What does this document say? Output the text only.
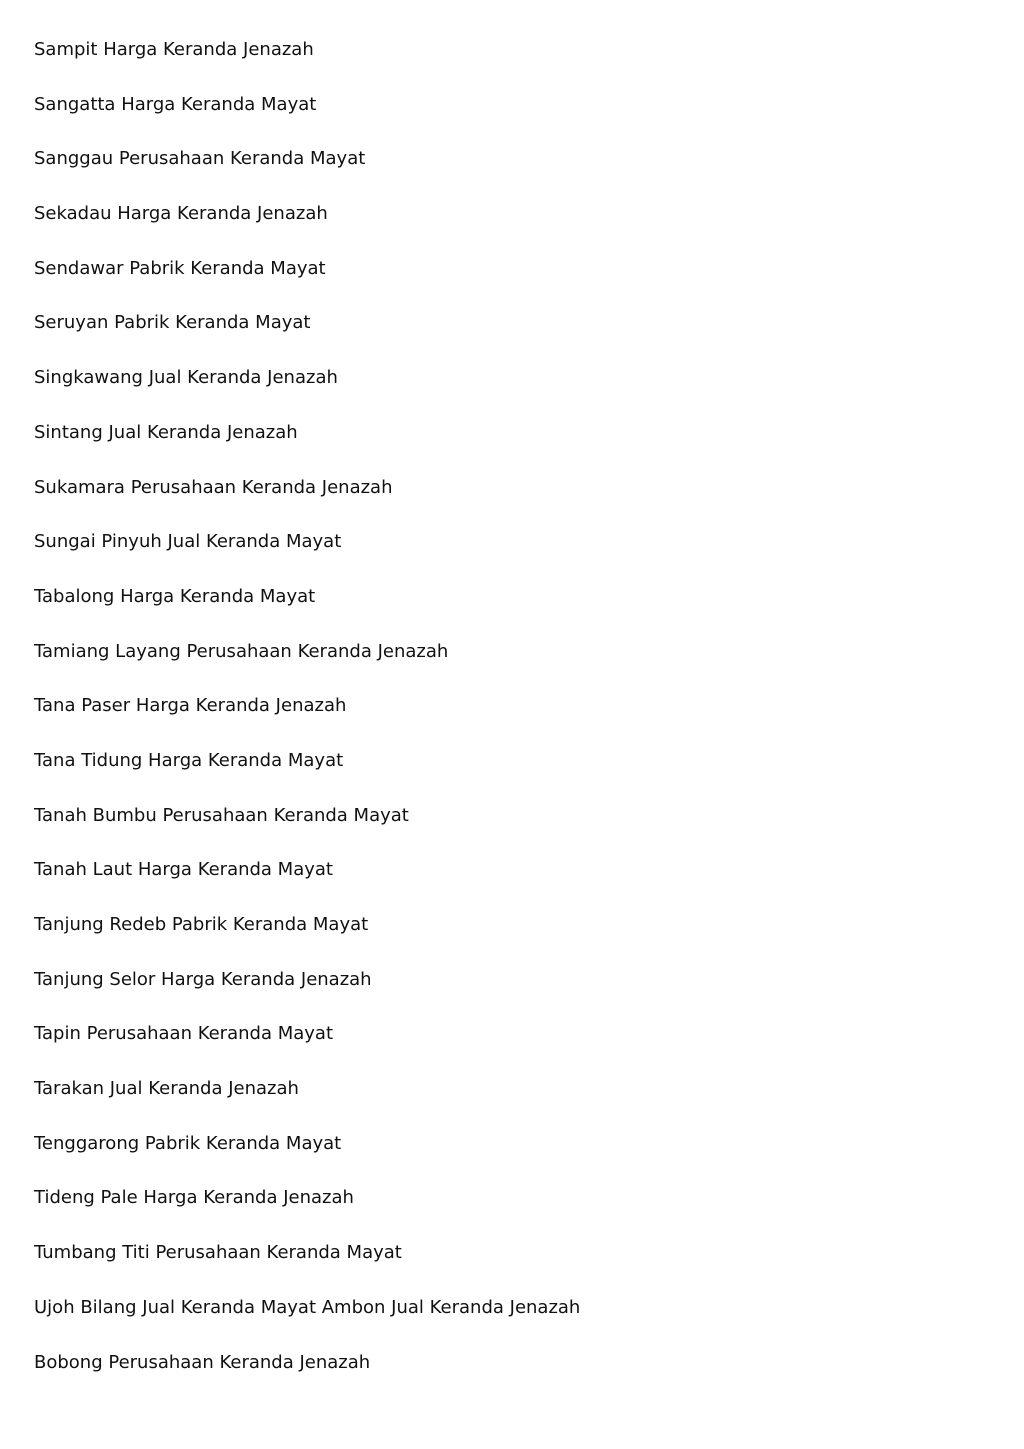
Sampit Harga Keranda Jenazah
Sangatta Harga Keranda Mayat
Sanggau Perusahaan Keranda Mayat
Sekadau Harga Keranda Jenazah
Sendawar Pabrik Keranda Mayat
Seruyan Pabrik Keranda Mayat
Singkawang Jual Keranda Jenazah
Sintang Jual Keranda Jenazah
Sukamara Perusahaan Keranda Jenazah
Sungai Pinyuh Jual Keranda Mayat
Tabalong Harga Keranda Mayat
Tamiang Layang Perusahaan Keranda Jenazah
Tana Paser Harga Keranda Jenazah
Tana Tidung Harga Keranda Mayat
Tanah Bumbu Perusahaan Keranda Mayat
Tanah Laut Harga Keranda Mayat
Tanjung Redeb Pabrik Keranda Mayat
Tanjung Selor Harga Keranda Jenazah
Tapin Perusahaan Keranda Mayat
Tarakan Jual Keranda Jenazah
Tenggarong Pabrik Keranda Mayat
Tideng Pale Harga Keranda Jenazah
Tumbang Titi Perusahaan Keranda Mayat
Ujoh Bilang Jual Keranda Mayat Ambon Jual Keranda Jenazah
Bobong Perusahaan Keranda Jenazah
